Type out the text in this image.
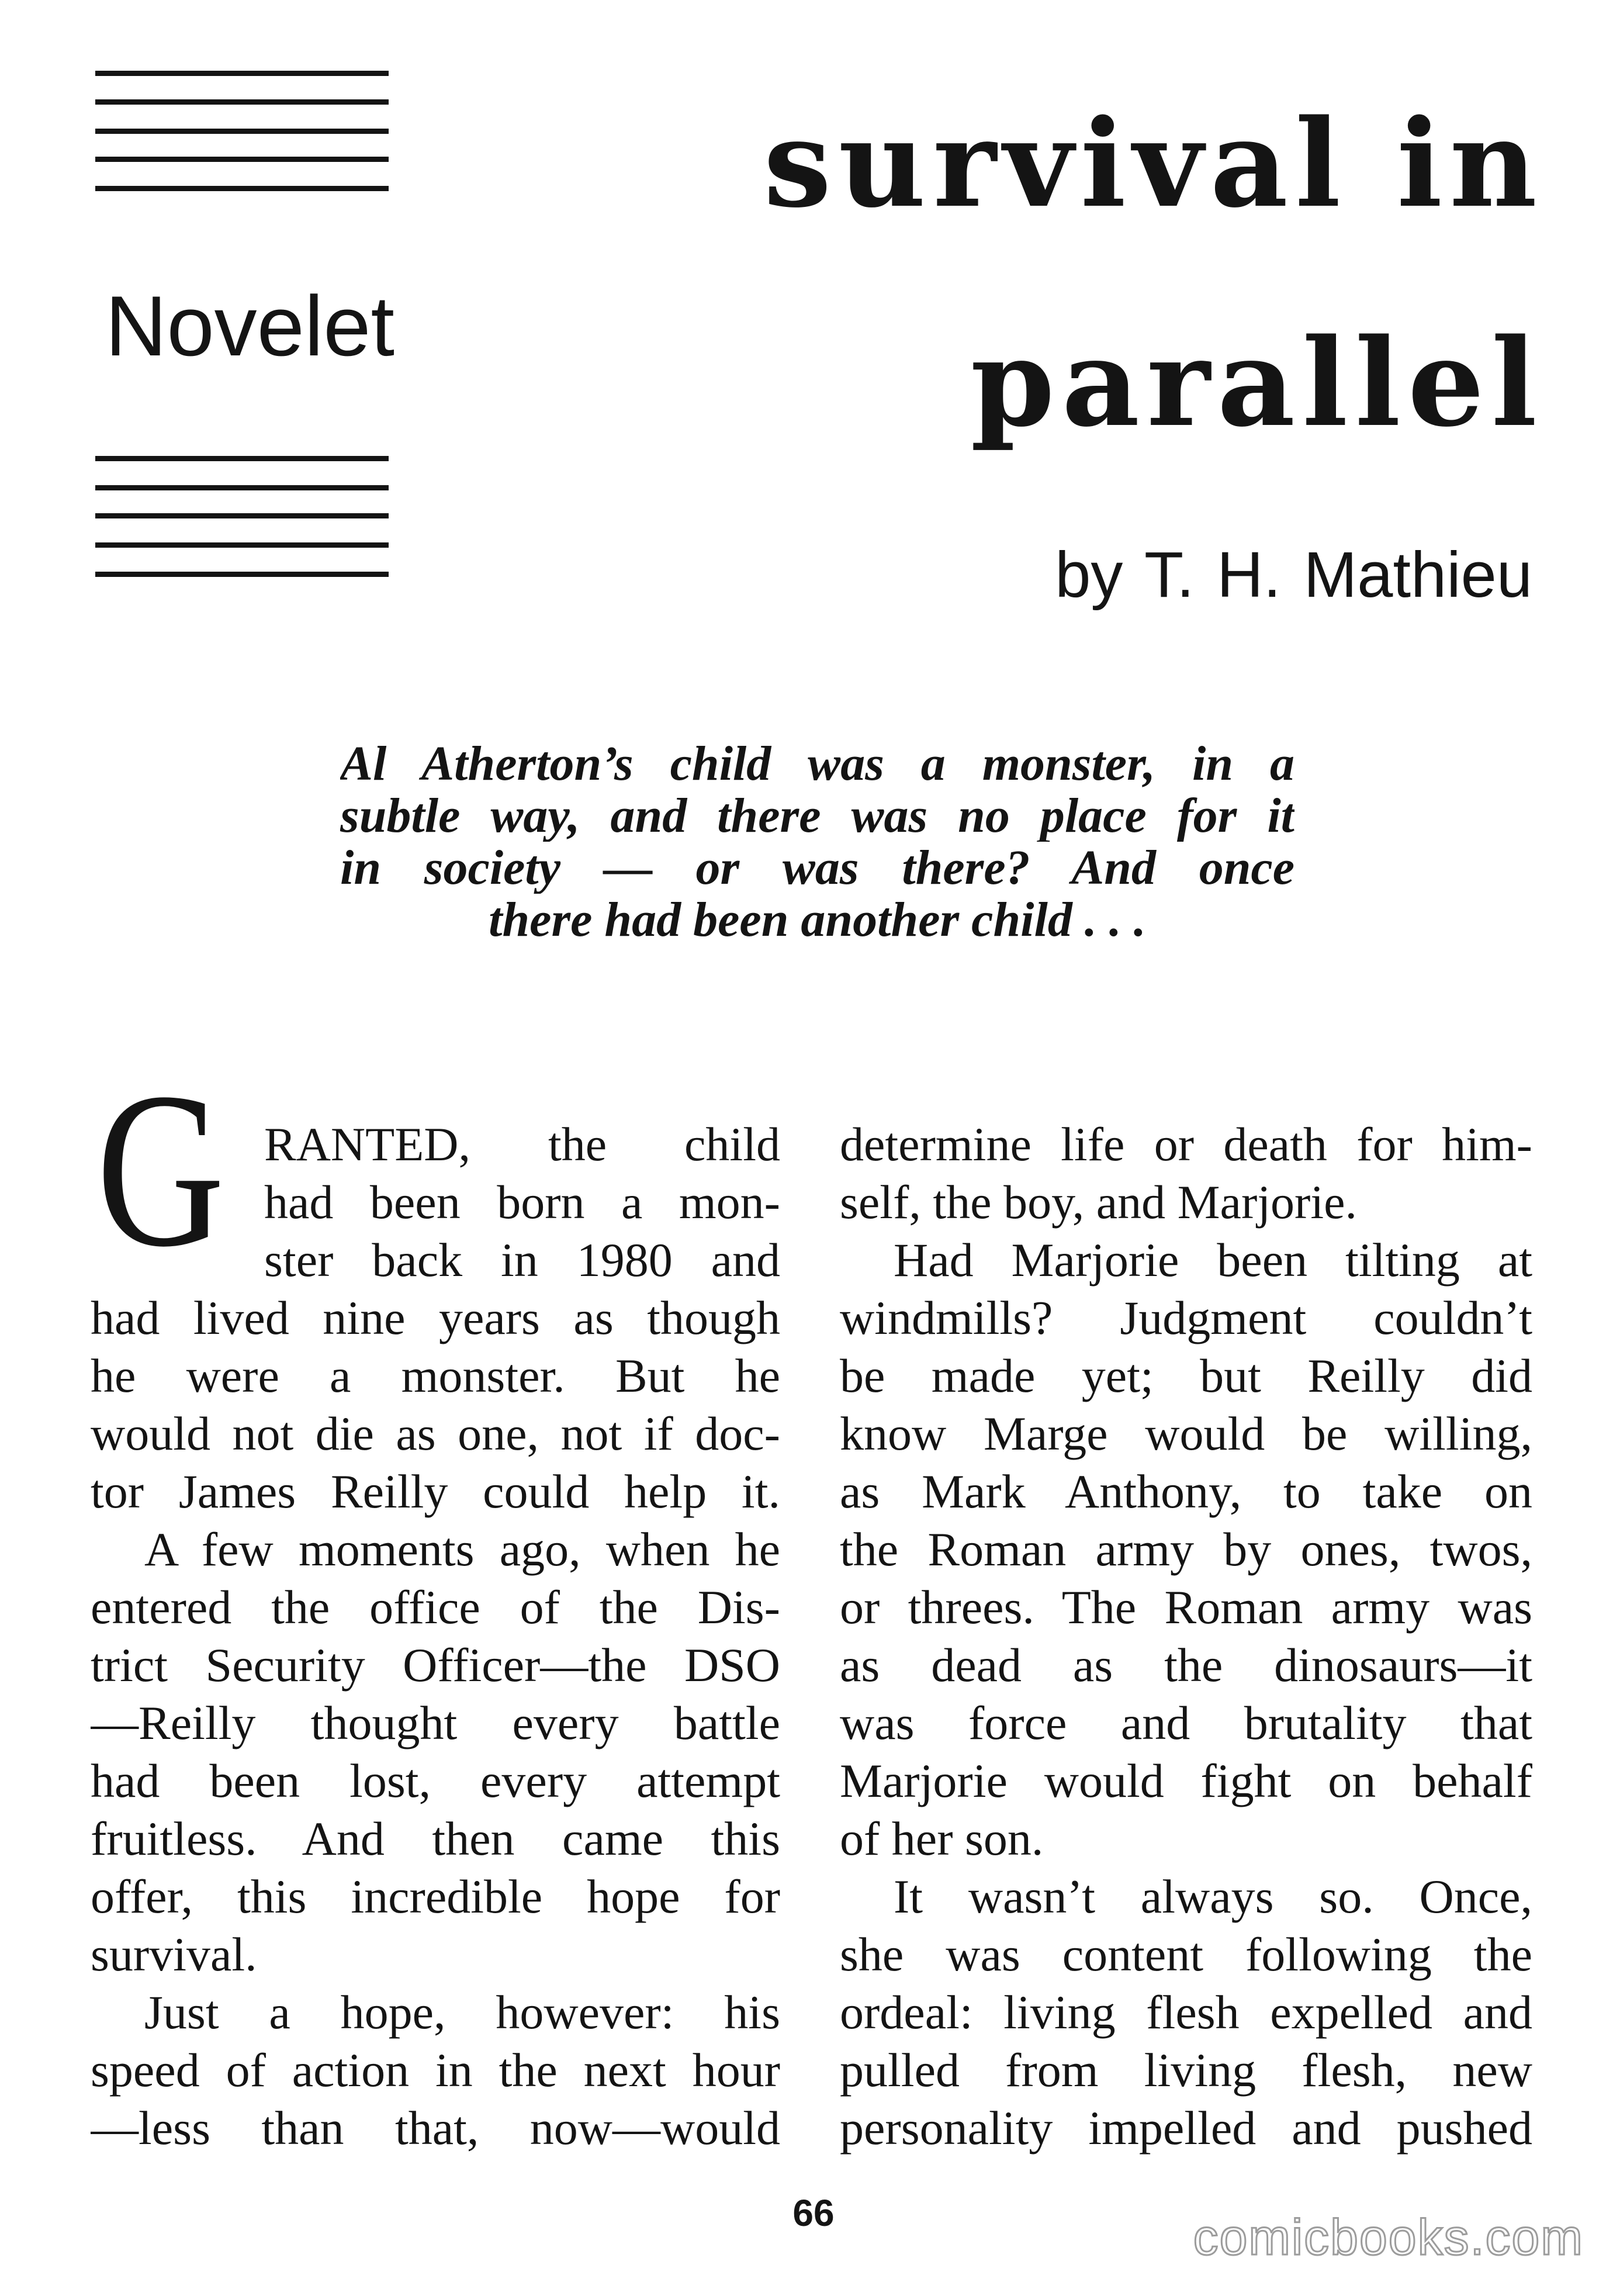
Novelet
survival in
parallel
by T. H. Mathieu
Al Atherton’s child was a monster, in a
subtle way, and there was no place for it
in society — or was there? And once
there had been another child . . .
G RANTED, the child
had been born a mon-
ster back in 1980 and
had lived nine years as though
he were a monster. But he
would not die as one, not if doc-
tor James Reilly could help it.
A few moments ago, when he
entered the office of the Dis-
trict Security Officer—the DSO
—Reilly thought every battle
had been lost, every attempt
fruitless. And then came this
offer, this incredible hope for
survival.
Just a hope, however: his
speed of action in the next hour
—less than that, now—would
determine life or death for him-
self, the boy, and Marjorie.
Had Marjorie been tilting at
windmills? Judgment couldn’t
be made yet; but Reilly did
know Marge would be willing,
as Mark Anthony, to take on
the Roman army by ones, twos,
or threes. The Roman army was
as dead as the dinosaurs—it
was force and brutality that
Marjorie would fight on behalf
of her son.
It wasn’t always so. Once,
she was content following the
ordeal: living flesh expelled and
pulled from living flesh, new
personality impelled and pushed
66	comicbooks.com
